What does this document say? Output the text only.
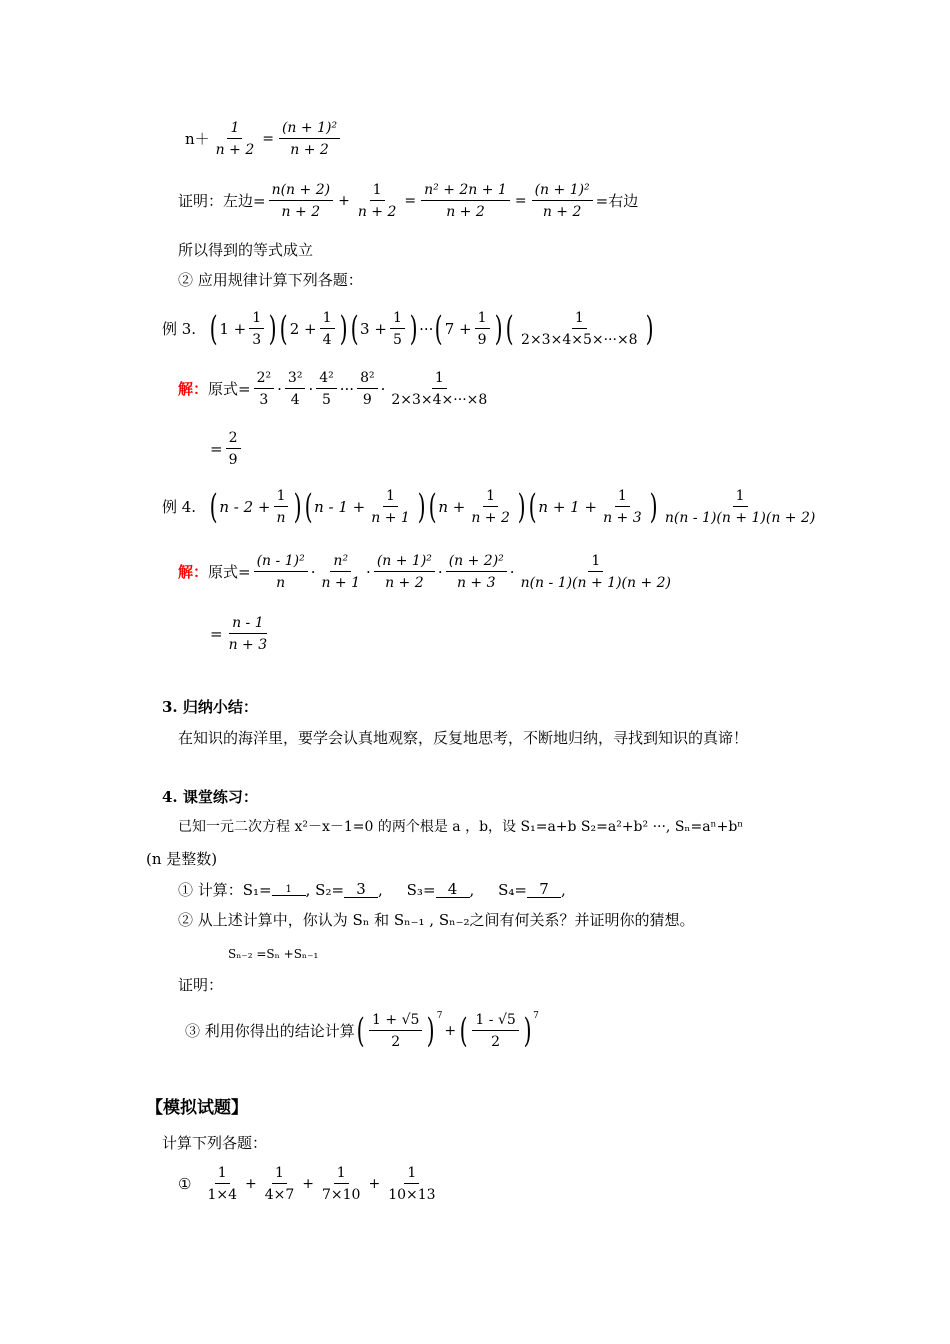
$n+ \frac{1}{n + 2} = \frac{\text{(n + 1)²}}{n + 2}$
证明：左边= $\frac{n(n + 2)}{n + 2} + \frac{1}{n + 2} = \frac{\text{n² + 2n + 1}}{n + 2} = \frac{\text{(n + 1)²}}{n + 2}$ =右边
所以得到的等式成立
② 应用规律计算下列各题：
例 3. ( $1 + \frac{1}{3}$ ) ( $2 + \frac{1}{4}$ ) ( $3 + \frac{1}{5}$ ) ··· ( $7 + \frac{1}{9}$ ) ( $\frac{1}{2\times 3\times 4\times 5\times\cdot\cdot\cdot\times 8}$ )
解： 原式= $\frac{\text{2²}}{3} \cdot \frac{\text{3²}}{4} \cdot \frac{\text{4²}}{5}$ ··· $\frac{\text{8²}}{9} \cdot \frac{1}{2\times 3\times 4\times\cdot\cdot\cdot\times 8}$
= $\frac{2}{9}$
例 4. ( $n - 2 + \frac{1}{n}$ ) ( $n - 1 + \frac{1}{n + 1}$ ) ( $n + \frac{1}{n + 2}$ ) ( $n + 1 + \frac{1}{n + 3}$ ) $\frac{1}{n(n - 1)(n + 1)(n + 2)}$
解： 原式= $\frac{\text{(n - 1)²}}{n} \cdot \frac{\text{n²}}{n + 1} \cdot \frac{\text{(n + 1)²}}{n + 2} \cdot \frac{\text{(n + 2)²}}{n + 3} \cdot \frac{1}{n(n - 1)(n + 1)(n + 2)}$
= $\frac{n - 1}{n + 3}$
3. 归纳小结：
在知识的海洋里，要学会认真地观察，反复地思考，不断地归纳，寻找到知识的真谛！
4. 课堂练习：
已知一元二次方程 x²－x－1=0 的两个根是 a ，b，设 S₁=a+b S₂=a²+b² ···, Sₙ=aⁿ+bⁿ
(n 是整数)
① 计算：S₁=	1 , S₂= 3 ,     S₃= 4 ,     S₄= 7 ,
② 从上述计算中，你认为 Sₙ 和 Sₙ₋₁ , Sₙ₋₂之间有何关系？并证明你的猜想。
Sₙ₋₂ =Sₙ +Sₙ₋₁
证明：
③ 利用你得出的结论计算 ( $\frac{1 + √5}{2} )^7$
+ ( $\frac{1 - √5}{2} )^7$
【模拟试题】
计算下列各题：
① $\frac{1}{1\times 4} + \frac{1}{4\times 7} + \frac{1}{7\times 10} + \frac{1}{10\times 13}$
